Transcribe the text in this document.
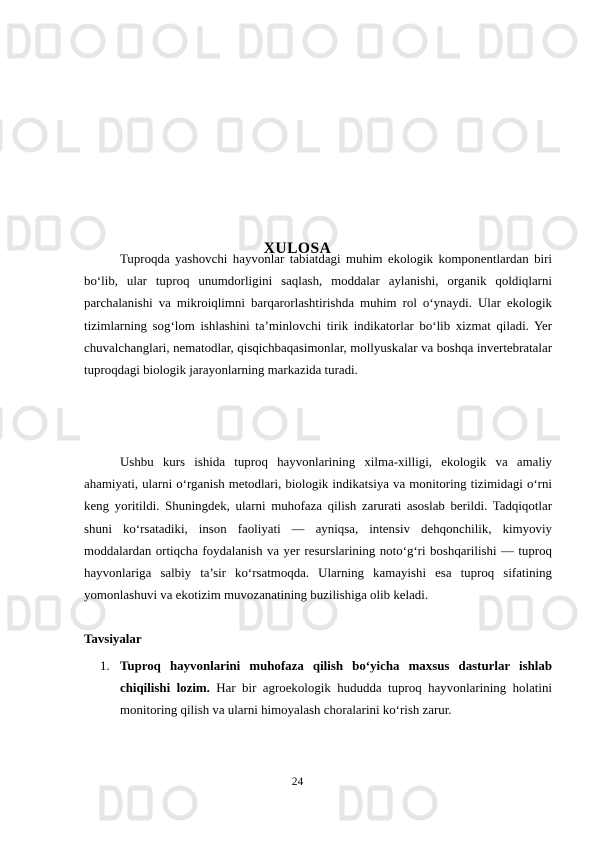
XULOSA

Tuproqda yashovchi hayvonlar tabiatdagi muhim ekologik komponentlardan biri bo‘lib, ular tuproq unumdorligini saqlash, moddalar aylanishi, organik qoldiqlarni parchalanishi va mikroiqlimni barqarorlashtirishda muhim rol o‘ynaydi. Ular ekologik tizimlarning sog‘lom ishlashini ta’minlovchi tirik indikatorlar bo‘lib xizmat qiladi. Yer chuvalchanglari, nematodlar, qisqichbaqasimonlar, mollyuskalar va boshqa invertebratalar tuproqdagi biologik jarayonlarning markazida turadi.

Ushbu kurs ishida tuproq hayvonlarining xilma-xilligi, ekologik va amaliy ahamiyati, ularni o‘rganish metodlari, biologik indikatsiya va monitoring tizimidagi o‘rni keng yoritildi. Shuningdek, ularni muhofaza qilish zarurati asoslab berildi. Tadqiqotlar shuni ko‘rsatadiki, inson faoliyati — ayniqsa, intensiv dehqonchilik, kimyoviy moddalardan ortiqcha foydalanish va yer resurslarining noto‘g‘ri boshqarilishi — tuproq hayvonlariga salbiy ta’sir ko‘rsatmoqda. Ularning kamayishi esa tuproq sifatining yomonlashuvi va ekotizim muvozanatining buzilishiga olib keladi.

Tavsiyalar
1. Tuproq hayvonlarini muhofaza qilish bo‘yicha maxsus dasturlar ishlab chiqilishi lozim. Har bir agroekologik hududda tuproq hayvonlarining holatini monitoring qilish va ularni himoyalash choralarini ko‘rish zarur.

24
